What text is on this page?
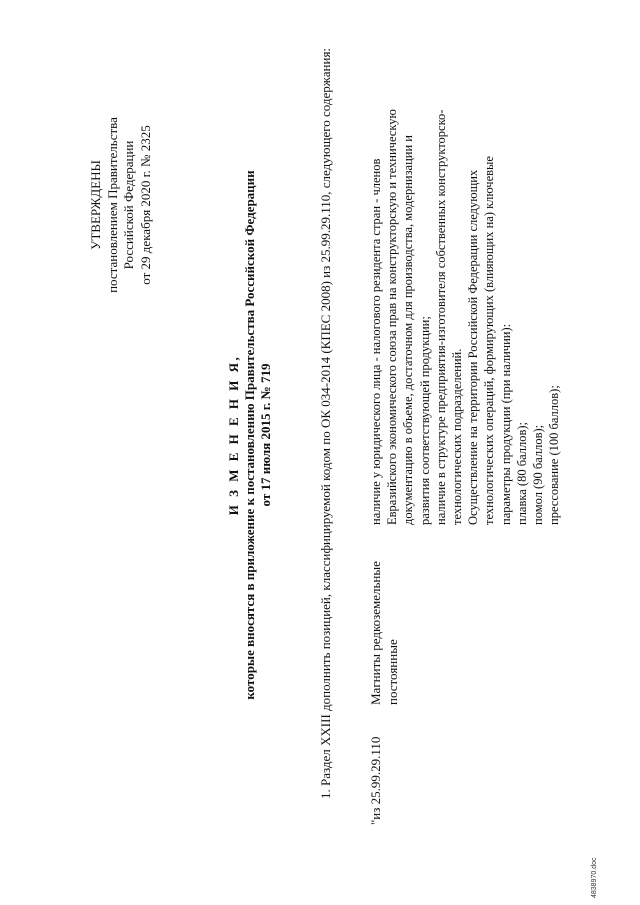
УТВЕРЖДЕНЫ постановлением Правительства Российской Федерации от 29 декабря 2020 г. № 2325
И З М Е Н Е Н И Я, которые вносятся в приложение к постановлению Правительства Российской Федерации от 17 июля 2015 г. № 719	1. Раздел XXIII дополнить позицией, классифицируемой кодом по ОК 034-2014 (КПЕС 2008) из 25.99.29.110, следующего содержания:	"из 25.99.29.110
Магниты редкоземельные постоянные
наличие у юридического лица - налогового резидента стран - членов Евразийского экономического союза прав на конструкторскую и техническую документацию в объеме, достаточном для производства, модернизации и развития соответствующей продукции; наличие в структуре предприятия-изготовителя собственных конструкторско- технологических подразделений. Осуществление на территории Российской Федерации следующих технологических операций, формирующих (влияющих на) ключевые параметры продукции (при наличии): плавка (80 баллов); помол (90 баллов); прессование (100 баллов);
4838970.doc
